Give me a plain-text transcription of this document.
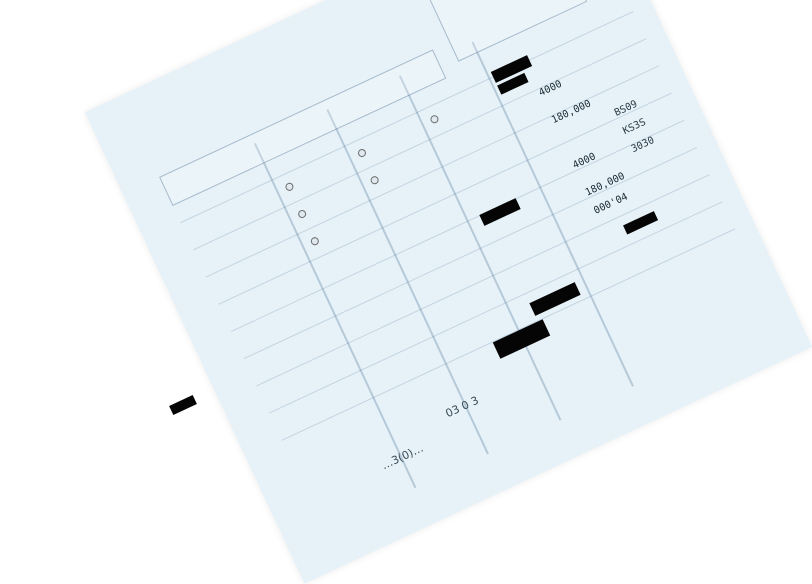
4000
180,000
4000
180,000
000'04
BS09
KS3S
3030
03 0 3
…3(0)…
